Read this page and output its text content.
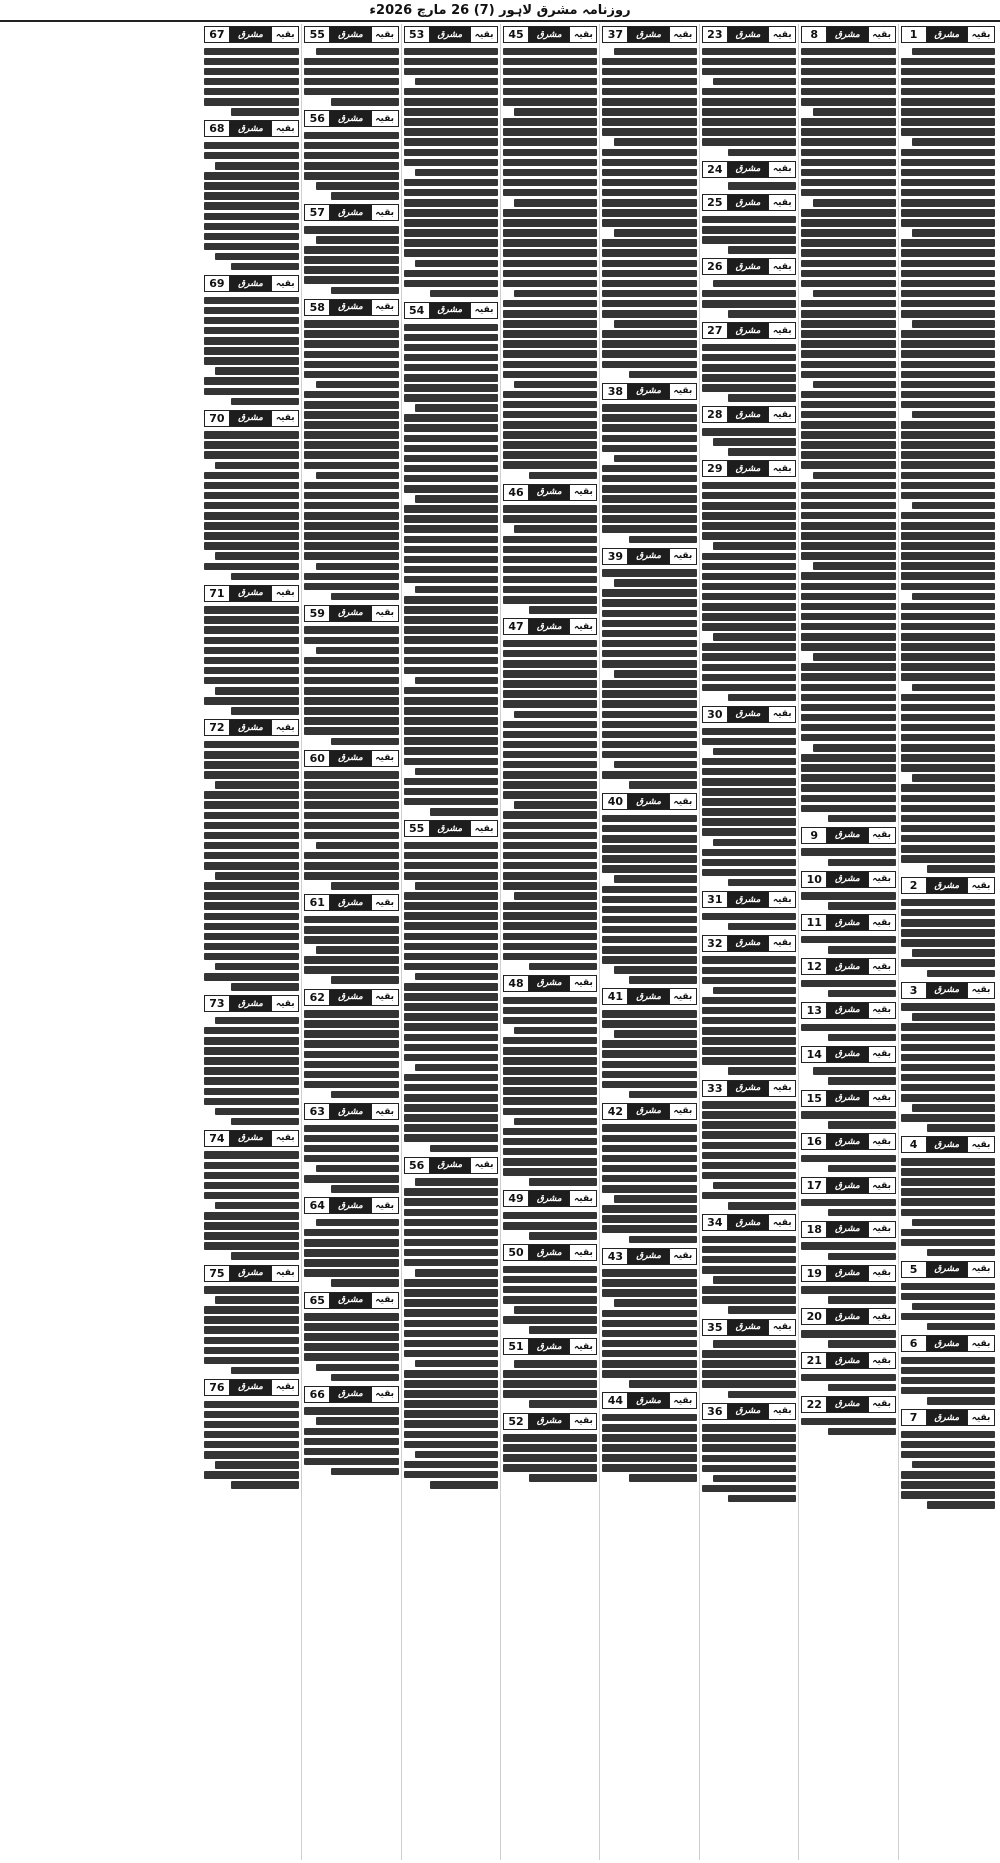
روزنامہ مشرق لاہور (7) 26 مارچ 2026ء
بقیہ
مشرق
1
بقیہ
مشرق
2
بقیہ
مشرق
3
بقیہ
مشرق
4
بقیہ
مشرق
5
بقیہ
مشرق
6
بقیہ
مشرق
7
بقیہ
مشرق
8
بقیہ
مشرق
9
بقیہ
مشرق
10
بقیہ
مشرق
11
بقیہ
مشرق
12
بقیہ
مشرق
13
بقیہ
مشرق
14
بقیہ
مشرق
15
بقیہ
مشرق
16
بقیہ
مشرق
17
بقیہ
مشرق
18
بقیہ
مشرق
19
بقیہ
مشرق
20
بقیہ
مشرق
21
بقیہ
مشرق
22
بقیہ
مشرق
23
بقیہ
مشرق
24
بقیہ
مشرق
25
بقیہ
مشرق
26
بقیہ
مشرق
27
بقیہ
مشرق
28
بقیہ
مشرق
29
بقیہ
مشرق
30
بقیہ
مشرق
31
بقیہ
مشرق
32
بقیہ
مشرق
33
بقیہ
مشرق
34
بقیہ
مشرق
35
بقیہ
مشرق
36
بقیہ
مشرق
37
بقیہ
مشرق
38
بقیہ
مشرق
39
بقیہ
مشرق
40
بقیہ
مشرق
41
بقیہ
مشرق
42
بقیہ
مشرق
43
بقیہ
مشرق
44
بقیہ
مشرق
45
بقیہ
مشرق
46
بقیہ
مشرق
47
بقیہ
مشرق
48
بقیہ
مشرق
49
بقیہ
مشرق
50
بقیہ
مشرق
51
بقیہ
مشرق
52
بقیہ
مشرق
53
بقیہ
مشرق
54
بقیہ
مشرق
55
بقیہ
مشرق
56
بقیہ
مشرق
55
بقیہ
مشرق
56
بقیہ
مشرق
57
بقیہ
مشرق
58
بقیہ
مشرق
59
بقیہ
مشرق
60
بقیہ
مشرق
61
بقیہ
مشرق
62
بقیہ
مشرق
63
بقیہ
مشرق
64
بقیہ
مشرق
65
بقیہ
مشرق
66
بقیہ
مشرق
67
بقیہ
مشرق
68
بقیہ
مشرق
69
بقیہ
مشرق
70
بقیہ
مشرق
71
بقیہ
مشرق
72
بقیہ
مشرق
73
بقیہ
مشرق
74
بقیہ
مشرق
75
بقیہ
مشرق
76
